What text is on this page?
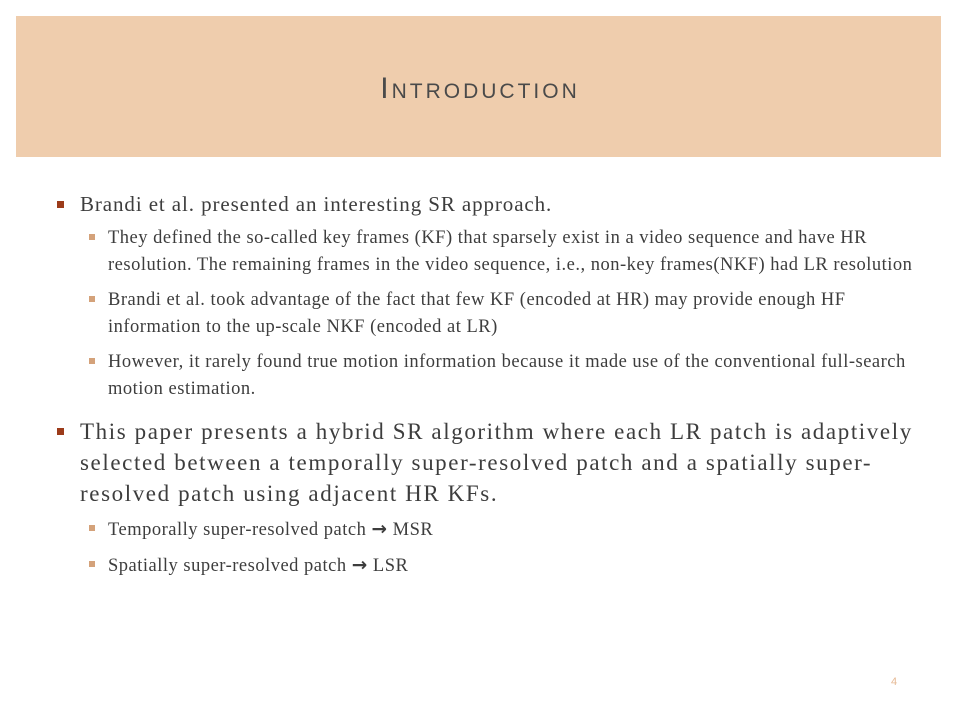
Introduction
Brandi et al. presented an interesting SR approach.
They defined the so-called key frames (KF) that sparsely exist in a video sequence and have HR resolution. The remaining frames in the video sequence, i.e., non-key frames(NKF) had LR resolution
Brandi et al. took advantage of the fact that few KF (encoded at HR) may provide enough HF information to the up-scale NKF (encoded at LR)
However, it rarely found true motion information because it made use of the conventional full-search motion estimation.
This paper presents a hybrid SR algorithm where each LR patch is adaptively selected between a temporally super-resolved patch and a spatially super-resolved patch using adjacent HR KFs.
Temporally super-resolved patch → MSR
Spatially super-resolved patch → LSR
4
